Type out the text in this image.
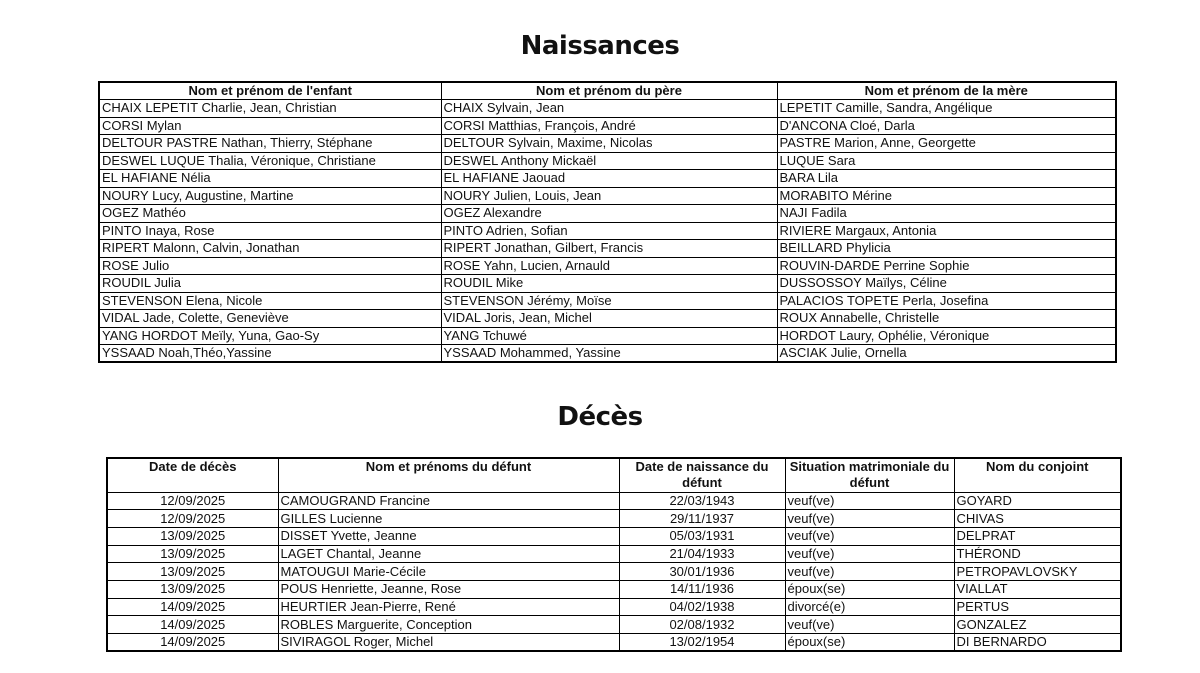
Naissances
Nom et prénom de l'enfant	Nom et prénom du père	Nom et prénom de la mère
CHAIX LEPETIT Charlie, Jean, Christian	CHAIX Sylvain, Jean	LEPETIT Camille, Sandra, Angélique
CORSI Mylan	CORSI Matthias, François, André	D'ANCONA Cloé, Darla
DELTOUR PASTRE Nathan, Thierry, Stéphane	DELTOUR Sylvain, Maxime, Nicolas	PASTRE Marion, Anne, Georgette
DESWEL LUQUE Thalia, Véronique, Christiane	DESWEL Anthony Mickaël	LUQUE Sara
EL HAFIANE Nélia	EL HAFIANE Jaouad	BARA Lila
NOURY Lucy, Augustine, Martine	NOURY Julien, Louis, Jean	MORABITO Mérine
OGEZ Mathéo	OGEZ Alexandre	NAJI Fadila
PINTO Inaya, Rose	PINTO Adrien, Sofian	RIVIERE Margaux, Antonia
RIPERT Malonn, Calvin, Jonathan	RIPERT Jonathan, Gilbert, Francis	BEILLARD Phylicia
ROSE Julio	ROSE Yahn, Lucien, Arnauld	ROUVIN-DARDE Perrine Sophie
ROUDIL Julia	ROUDIL Mike	DUSSOSSOY Maïlys, Céline
STEVENSON Elena, Nicole	STEVENSON Jérémy, Moïse	PALACIOS TOPETE Perla, Josefina
VIDAL Jade, Colette, Geneviève	VIDAL Joris, Jean, Michel	ROUX Annabelle, Christelle
YANG HORDOT Meïly, Yuna, Gao-Sy	YANG Tchuwé	HORDOT Laury, Ophélie, Véronique
YSSAAD Noah,Théo,Yassine	YSSAAD Mohammed, Yassine	ASCIAK Julie, Ornella
Décès
Date de décès	Nom et prénoms du défunt	Date de naissance du défunt	Situation matrimoniale du défunt	Nom du conjoint
12/09/2025	CAMOUGRAND Francine	22/03/1943	veuf(ve)	GOYARD
12/09/2025	GILLES Lucienne	29/11/1937	veuf(ve)	CHIVAS
13/09/2025	DISSET Yvette, Jeanne	05/03/1931	veuf(ve)	DELPRAT
13/09/2025	LAGET Chantal, Jeanne	21/04/1933	veuf(ve)	THÉROND
13/09/2025	MATOUGUI Marie-Cécile	30/01/1936	veuf(ve)	PETROPAVLOVSKY
13/09/2025	POUS Henriette, Jeanne, Rose	14/11/1936	époux(se)	VIALLAT
14/09/2025	HEURTIER Jean-Pierre, René	04/02/1938	divorcé(e)	PERTUS
14/09/2025	ROBLES Marguerite, Conception	02/08/1932	veuf(ve)	GONZALEZ
14/09/2025	SIVIRAGOL Roger, Michel	13/02/1954	époux(se)	DI BERNARDO
